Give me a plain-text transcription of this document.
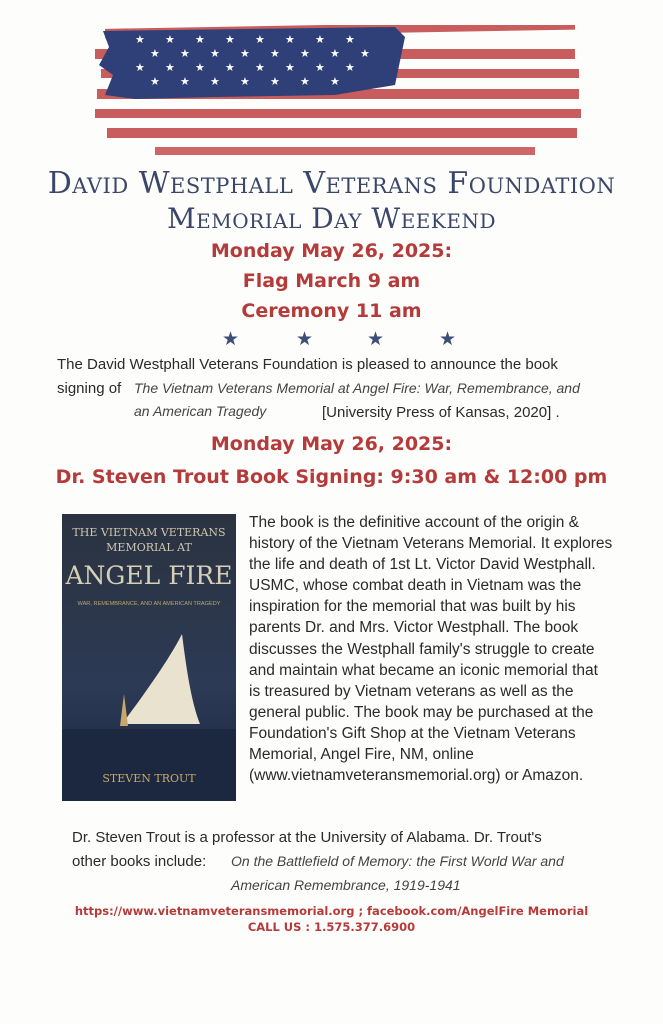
★ ★ ★ ★ ★ ★ ★ ★
★ ★ ★ ★ ★ ★ ★ ★
★ ★ ★ ★ ★ ★ ★ ★
★ ★ ★ ★ ★ ★ ★
David Westphall Veterans Foundation
Memorial Day Weekend
Monday May 26, 2025:
Flag March 9 am
Ceremony 11 am
★	★	★	★
The David Westphall Veterans Foundation is pleased to announce the book
signing of The Vietnam Veterans Memorial at Angel Fire: War, Remembrance, and
an American Tragedy	[University Press of Kansas, 2020] .
Monday May 26, 2025:
Dr. Steven Trout Book Signing: 9:30 am & 12:00 pm
THE VIETNAM VETERANS
MEMORIAL AT
ANGEL FIRE
WAR, REMEMBRANCE, AND AN AMERICAN TRAGEDY
STEVEN TROUT
The book is the definitive account of the origin &
history of the Vietnam Veterans Memorial. It explores
the life and death of 1st Lt. Victor David Westphall.
USMC, whose combat death in Vietnam was the
inspiration for the memorial that was built by his
parents Dr. and Mrs. Victor Westphall. The book
discusses the Westphall family's struggle to create
and maintain what became an iconic memorial that
is treasured by Vietnam veterans as well as the
general public. The book may be purchased at the
Foundation's Gift Shop at the Vietnam Veterans
Memorial, Angel Fire, NM, online
(www.vietnamveteransmemorial.org) or Amazon.
Dr. Steven Trout is a professor at the University of Alabama. Dr. Trout's
other books include: On the Battlefield of Memory: the First World War and
American Remembrance, 1919-1941
https://www.vietnamveteransmemorial.org ; facebook.com/AngelFire Memorial
CALL US : 1.575.377.6900
